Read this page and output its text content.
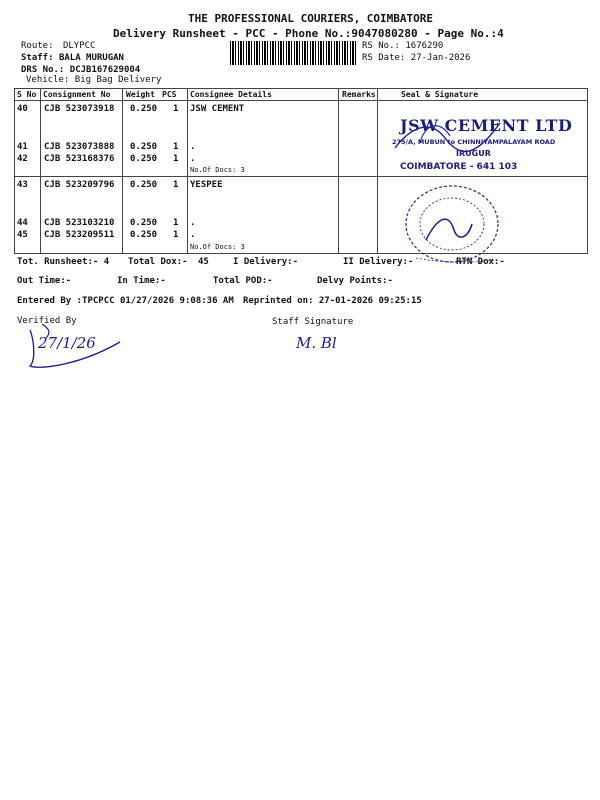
THE PROFESSIONAL COURIERS, COIMBATORE
Delivery Runsheet - PCC - Phone No.:9047080280 - Page No.:4
Route: DLYPCC
Staff: BALA MURUGAN
DRS No.: DCJB167629004
Vehicle: Big Bag Delivery
RS No.: 1676290
RS Date: 27-Jan-2026
S No Consignment No Weight PCS Consignee Details	Remarks	Seal & Signature
40 CJB 523073918 0.250 1 JSW CEMENT
41 CJB 523073888 0.250 1 .
42 CJB 523168376 0.250 1 .
No.Of Docs: 3
43 CJB 523209796 0.250 1 YESPEE
44 CJB 523103210 0.250 1 .
45 CJB 523209511 0.250 1 .
No.Of Docs: 3
JSW CEMENT LTD
275/A, MUBUN to CHINNIYAMPALAYAM ROAD
IRUGUR
COIMBATORE - 641 103
Tot. Runsheet:- 4 Total Dox:- 45	I Delivery:-	II Delivery:-	RTN Dox:-
Out Time:-	In Time:-	Total POD:-	Delvy Points:-
Entered By :TPCPCC 01/27/2026 9:08:36 AM Reprinted on: 27-01-2026 09:25:15
Verified By	Staff Signature
27/1/26	M. Bl
